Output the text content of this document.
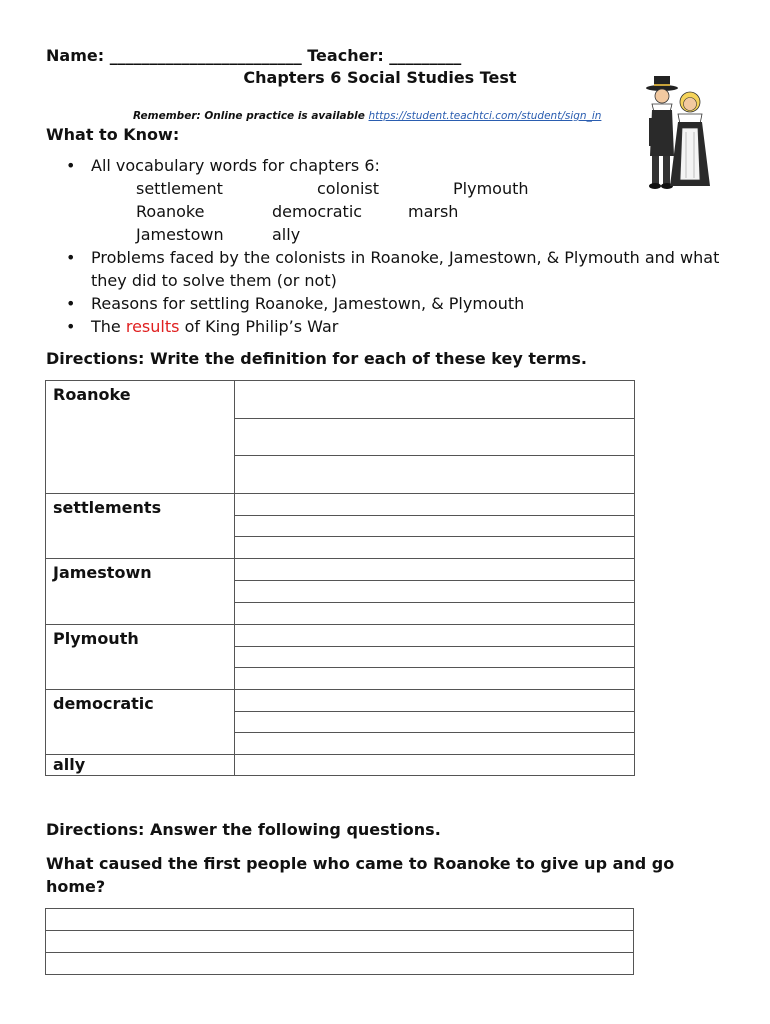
Name: ________________________ Teacher: _________
Chapters 6 Social Studies Test
Remember: Online practice is available https://student.teachtci.com/student/sign_in
What to Know:
• All vocabulary words for chapters 6:
settlement	colonist	Plymouth
Roanoke	democratic	marsh
Jamestown	ally
• Problems faced by the colonists in Roanoke, Jamestown, & Plymouth and what they did to solve them (or not)
• Reasons for settling Roanoke, Jamestown, & Plymouth
• The results of King Philip’s War
Directions: Write the definition for each of these key terms.
Roanoke	

settlements	

Jamestown	

Plymouth	

democratic	

ally	
Directions: Answer the following questions.
What caused the first people who came to Roanoke to give up and go home?
